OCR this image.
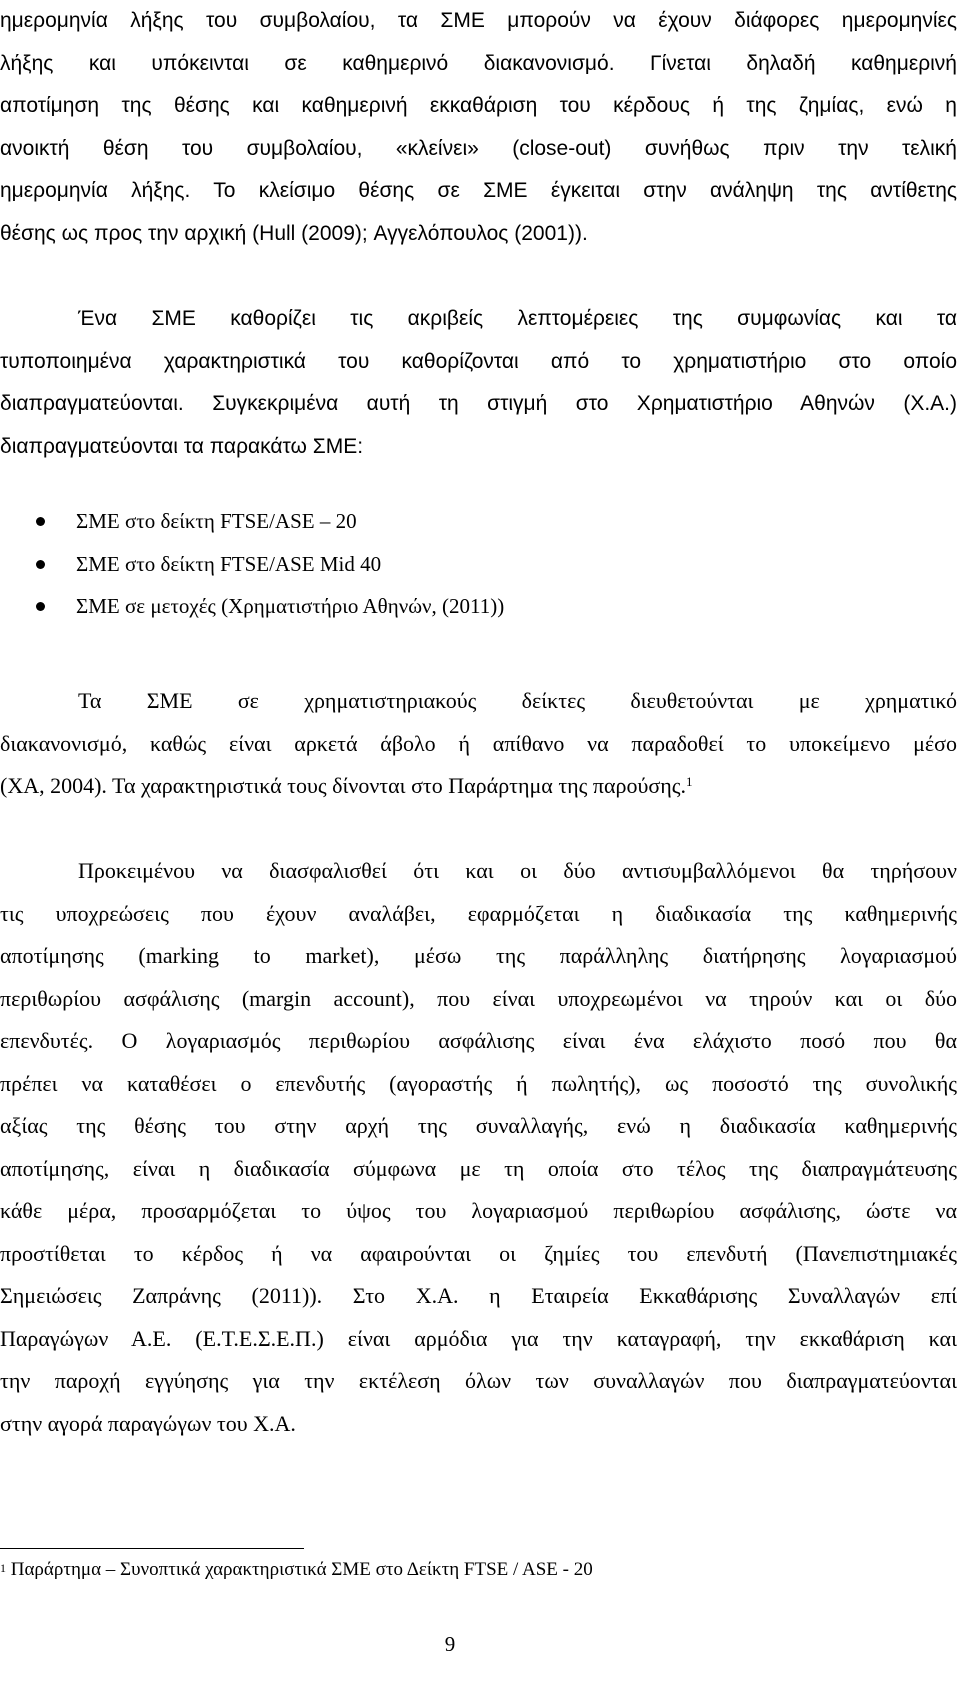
ημερομηνία λήξης του συμβολαίου, τα ΣΜΕ μπορούν να έχουν διάφορες ημερομηνίες
λήξης και υπόκεινται σε καθημερινό διακανονισμό. Γίνεται δηλαδή καθημερινή
αποτίμηση της θέσης και καθημερινή εκκαθάριση του κέρδους ή της ζημίας, ενώ η
ανοικτή θέση του συμβολαίου, «κλείνει» (close-out) συνήθως πριν την τελική
ημερομηνία λήξης. Το κλείσιμο θέσης σε ΣΜΕ έγκειται στην ανάληψη της αντίθετης
θέσης ως προς την αρχική (Hull (2009); Αγγελόπουλος (2001)).
Ένα ΣΜΕ καθορίζει τις ακριβείς λεπτομέρειες της συμφωνίας και τα
τυποποιημένα χαρακτηριστικά του καθορίζονται από το χρηματιστήριο στο οποίο
διαπραγματεύονται. Συγκεκριμένα αυτή τη στιγμή στο Χρηματιστήριο Αθηνών (Χ.Α.)
διαπραγματεύονται τα παρακάτω ΣΜΕ:
ΣΜΕ στο δείκτη FTSE/ASE – 20
ΣΜΕ στο δείκτη FTSE/ASE Mid 40
ΣΜΕ σε μετοχές (Χρηματιστήριο Αθηνών, (2011))
Τα ΣΜΕ σε χρηματιστηριακούς δείκτες διευθετούνται με χρηματικό
διακανονισμό, καθώς είναι αρκετά άβολο ή απίθανο να παραδοθεί το υποκείμενο μέσο
(ΧΑ, 2004). Τα χαρακτηριστικά τους δίνονται στο Παράρτημα της παρούσης.$^1$
Προκειμένου να διασφαλισθεί ότι και οι δύο αντισυμβαλλόμενοι θα τηρήσουν
τις υποχρεώσεις που έχουν αναλάβει, εφαρμόζεται η διαδικασία της καθημερινής
αποτίμησης (marking to market), μέσω της παράλληλης διατήρησης λογαριασμού
περιθωρίου ασφάλισης (margin account), που είναι υποχρεωμένοι να τηρούν και οι δύο
επενδυτές. Ο λογαριασμός περιθωρίου ασφάλισης είναι ένα ελάχιστο ποσό που θα
πρέπει να καταθέσει ο επενδυτής (αγοραστής ή πωλητής), ως ποσοστό της συνολικής
αξίας της θέσης του στην αρχή της συναλλαγής, ενώ η διαδικασία καθημερινής
αποτίμησης, είναι η διαδικασία σύμφωνα με τη οποία στο τέλος της διαπραγμάτευσης
κάθε μέρα, προσαρμόζεται το ύψος του λογαριασμού περιθωρίου ασφάλισης, ώστε να
προστίθεται το κέρδος ή να αφαιρούνται οι ζημίες του επενδυτή (Πανεπιστημιακές
Σημειώσεις Ζαπράνης (2011)). Στο Χ.Α. η Εταιρεία Εκκαθάρισης Συναλλαγών επί
Παραγώγων Α.Ε. (Ε.Τ.Ε.Σ.Ε.Π.) είναι αρμόδια για την καταγραφή, την εκκαθάριση και
την παροχή εγγύησης για την εκτέλεση όλων των συναλλαγών που διαπραγματεύονται
στην αγορά παραγώγων του Χ.Α.
$^1$ Παράρτημα – Συνοπτικά χαρακτηριστικά ΣΜΕ στο Δείκτη FTSE / ASE - 20
9
